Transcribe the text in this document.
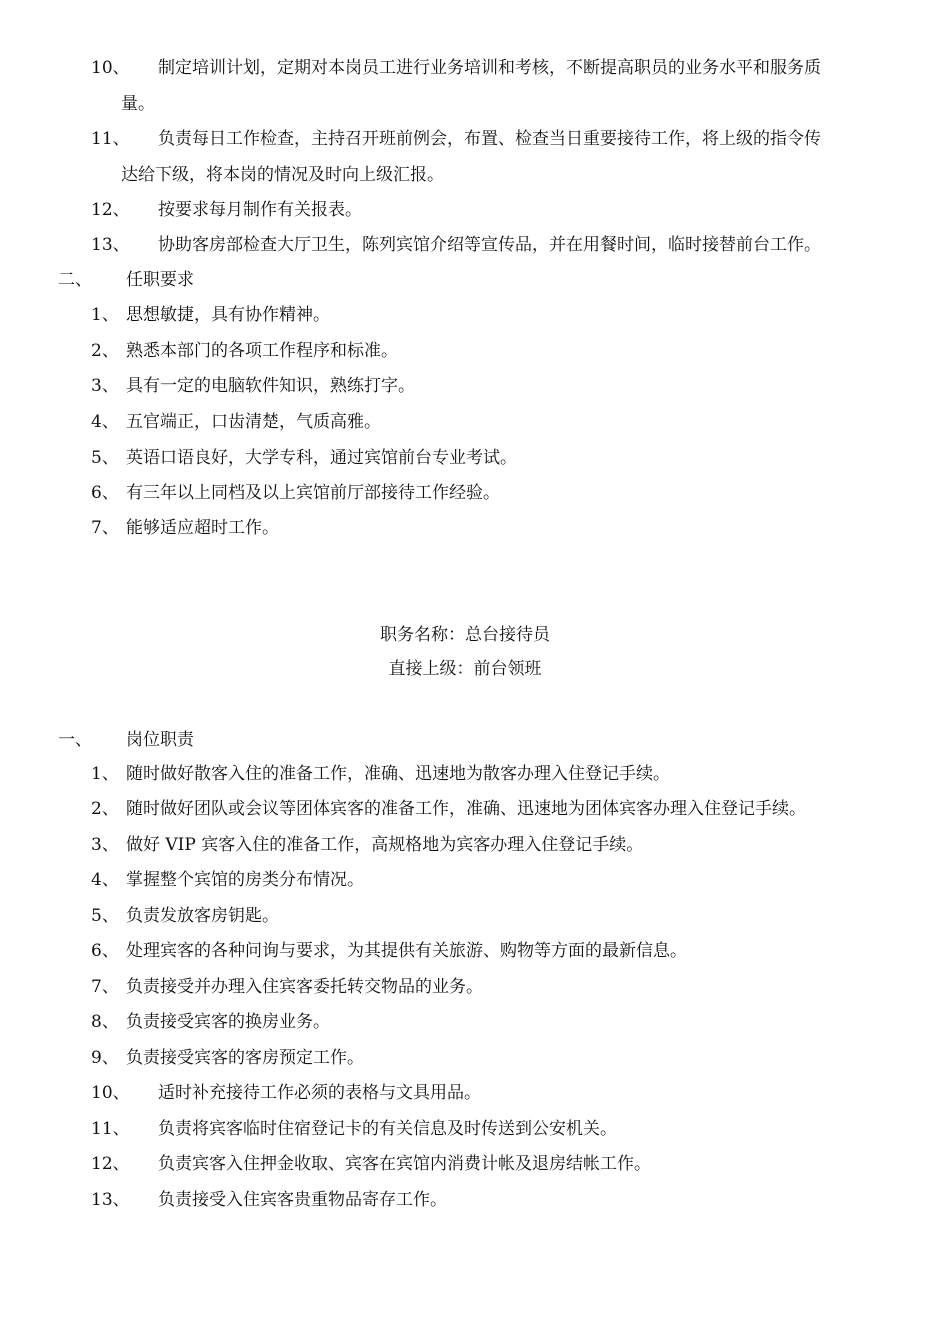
10、 制定培训计划，定期对本岗员工进行业务培训和考核，不断提高职员的业务水平和服务质
量。
11、 负责每日工作检查，主持召开班前例会，布置、检查当日重要接待工作，将上级的指令传
达给下级，将本岗的情况及时向上级汇报。
12、 按要求每月制作有关报表。
13、 协助客房部检查大厅卫生，陈列宾馆介绍等宣传品，并在用餐时间，临时接替前台工作。
二、 任职要求
1、 思想敏捷，具有协作精神。
2、 熟悉本部门的各项工作程序和标准。
3、 具有一定的电脑软件知识，熟练打字。
4、 五官端正，口齿清楚，气质高雅。
5、 英语口语良好，大学专科，通过宾馆前台专业考试。
6、 有三年以上同档及以上宾馆前厅部接待工作经验。
7、 能够适应超时工作。
职务名称：总台接待员
直接上级：前台领班
一、 岗位职责
1、 随时做好散客入住的准备工作，准确、迅速地为散客办理入住登记手续。
2、 随时做好团队或会议等团体宾客的准备工作，准确、迅速地为团体宾客办理入住登记手续。
3、 做好 VIP 宾客入住的准备工作，高规格地为宾客办理入住登记手续。
4、 掌握整个宾馆的房类分布情况。
5、 负责发放客房钥匙。
6、 处理宾客的各种问询与要求，为其提供有关旅游、购物等方面的最新信息。
7、 负责接受并办理入住宾客委托转交物品的业务。
8、 负责接受宾客的换房业务。
9、 负责接受宾客的客房预定工作。
10、 适时补充接待工作必须的表格与文具用品。
11、 负责将宾客临时住宿登记卡的有关信息及时传送到公安机关。
12、 负责宾客入住押金收取、宾客在宾馆内消费计帐及退房结帐工作。
13、 负责接受入住宾客贵重物品寄存工作。
